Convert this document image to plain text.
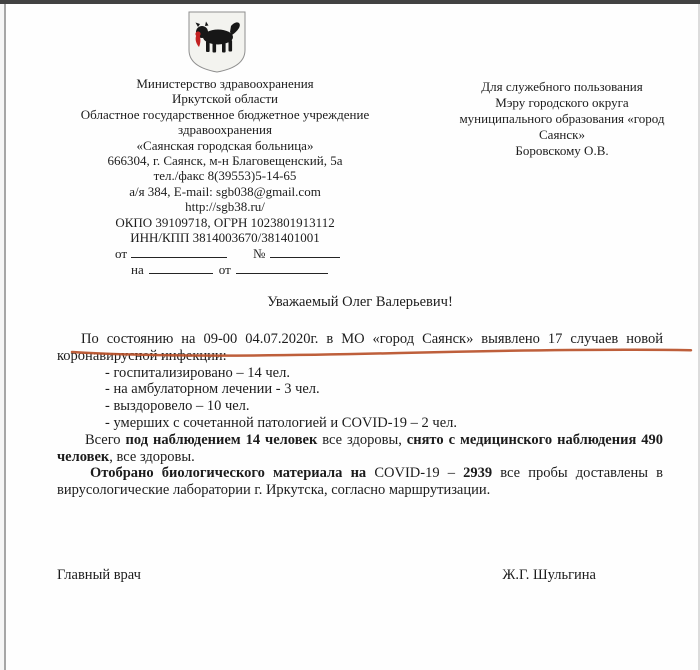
Министерство здравоохранения
Иркутской области
Областное государственное бюджетное учреждение
здравоохранения
«Саянская городская больница»
666304, г. Саянск, м-н Благовещенский, 5а
тел./факс 8(39553)5-14-65
а/я 384, E-mail: sgb038@gmail.com
http://sgb38.ru/
ОКПО 39109718, ОГРН 1023801913112
ИНН/КПП 3814003670/381401001
от	№
на	от
Для служебного пользования
Мэру городского округа
муниципального образования «город
Саянск»
Боровскому О.В.
Уважаемый Олег Валерьевич!
По состоянию на 09-00 04.07.2020г. в МО «город Саянск» выявлено 17 случаев новой
коронавирусной инфекции:
- госпитализировано – 14 чел.
- на амбулаторном лечении - 3 чел.
- выздоровело – 10 чел.
- умерших с сочетанной патологией и COVID-19 – 2 чел.
Всего под наблюдением 14 человек все здоровы, снято с медицинского наблюдения 490
человек, все здоровы.
Отобрано биологического материала на COVID-19 – 2939 все пробы доставлены в
вирусологические лаборатории г. Иркутска, согласно маршрутизации.
Главный врач	Ж.Г. Шульгина
